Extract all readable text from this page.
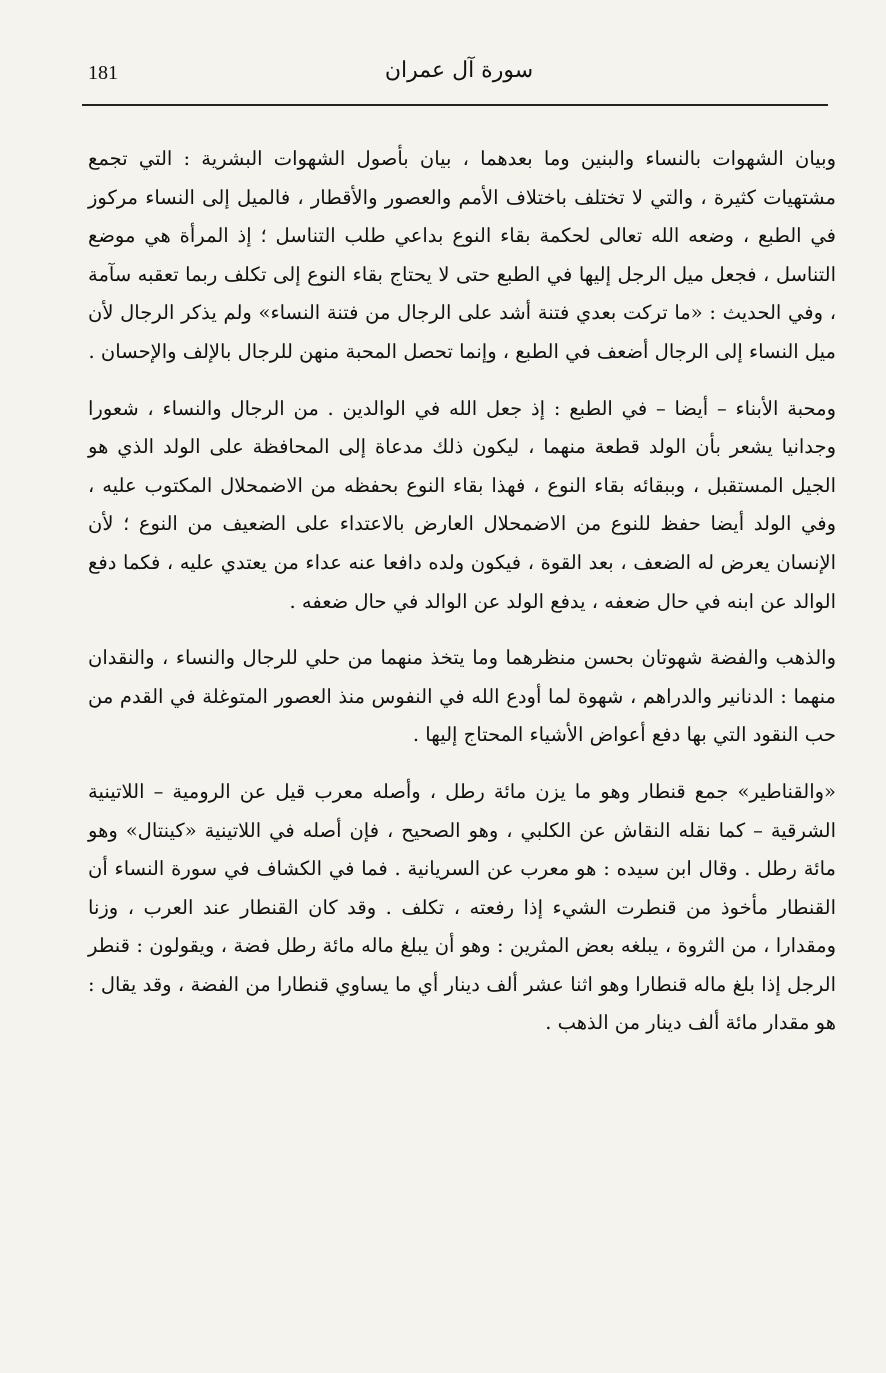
181	سورة آل عمران

وبيان الشهوات بالنساء والبنين وما بعدهما ، بيان بأصول الشهوات البشرية : التي تجمع مشتهيات كثيرة ، والتي لا تختلف باختلاف الأمم والعصور والأقطار ، فالميل إلى النساء مركوز في الطبع ، وضعه الله تعالى لحكمة بقاء النوع بداعي طلب التناسل ؛ إذ المرأة هي موضع التناسل ، فجعل ميل الرجل إليها في الطبع حتى لا يحتاج بقاء النوع إلى تكلف ربما تعقبه سآمة ، وفي الحديث : «ما تركت بعدي فتنة أشد على الرجال من فتنة النساء» ولم يذكر الرجال لأن ميل النساء إلى الرجال أضعف في الطبع ، وإنما تحصل المحبة منهن للرجال بالإلف والإحسان .

ومحبة الأبناء – أيضا – في الطبع : إذ جعل الله في الوالدين . من الرجال والنساء ، شعورا وجدانيا يشعر بأن الولد قطعة منهما ، ليكون ذلك مدعاة إلى المحافظة على الولد الذي هو الجيل المستقبل ، وببقائه بقاء النوع ، فهذا بقاء النوع بحفظه من الاضمحلال المكتوب عليه ، وفي الولد أيضا حفظ للنوع من الاضمحلال العارض بالاعتداء على الضعيف من النوع ؛ لأن الإنسان يعرض له الضعف ، بعد القوة ، فيكون ولده دافعا عنه عداء من يعتدي عليه ، فكما دفع الوالد عن ابنه في حال ضعفه ، يدفع الولد عن الوالد في حال ضعفه .

والذهب والفضة شهوتان بحسن منظرهما وما يتخذ منهما من حلي للرجال والنساء ، والنقدان منهما : الدنانير والدراهم ، شهوة لما أودع الله في النفوس منذ العصور المتوغلة في القدم من حب النقود التي بها دفع أعواض الأشياء المحتاج إليها .

«والقناطير» جمع قنطار وهو ما يزن مائة رطل ، وأصله معرب قيل عن الرومية – اللاتينية الشرقية – كما نقله النقاش عن الكلبي ، وهو الصحيح ، فإن أصله في اللاتينية «كينتال» وهو مائة رطل . وقال ابن سيده : هو معرب عن السريانية . فما في الكشاف في سورة النساء أن القنطار مأخوذ من قنطرت الشيء إذا رفعته ، تكلف . وقد كان القنطار عند العرب ، وزنا ومقدارا ، من الثروة ، يبلغه بعض المثرين : وهو أن يبلغ ماله مائة رطل فضة ، ويقولون : قنطر الرجل إذا بلغ ماله قنطارا وهو اثنا عشر ألف دينار أي ما يساوي قنطارا من الفضة ، وقد يقال : هو مقدار مائة ألف دينار من الذهب .
